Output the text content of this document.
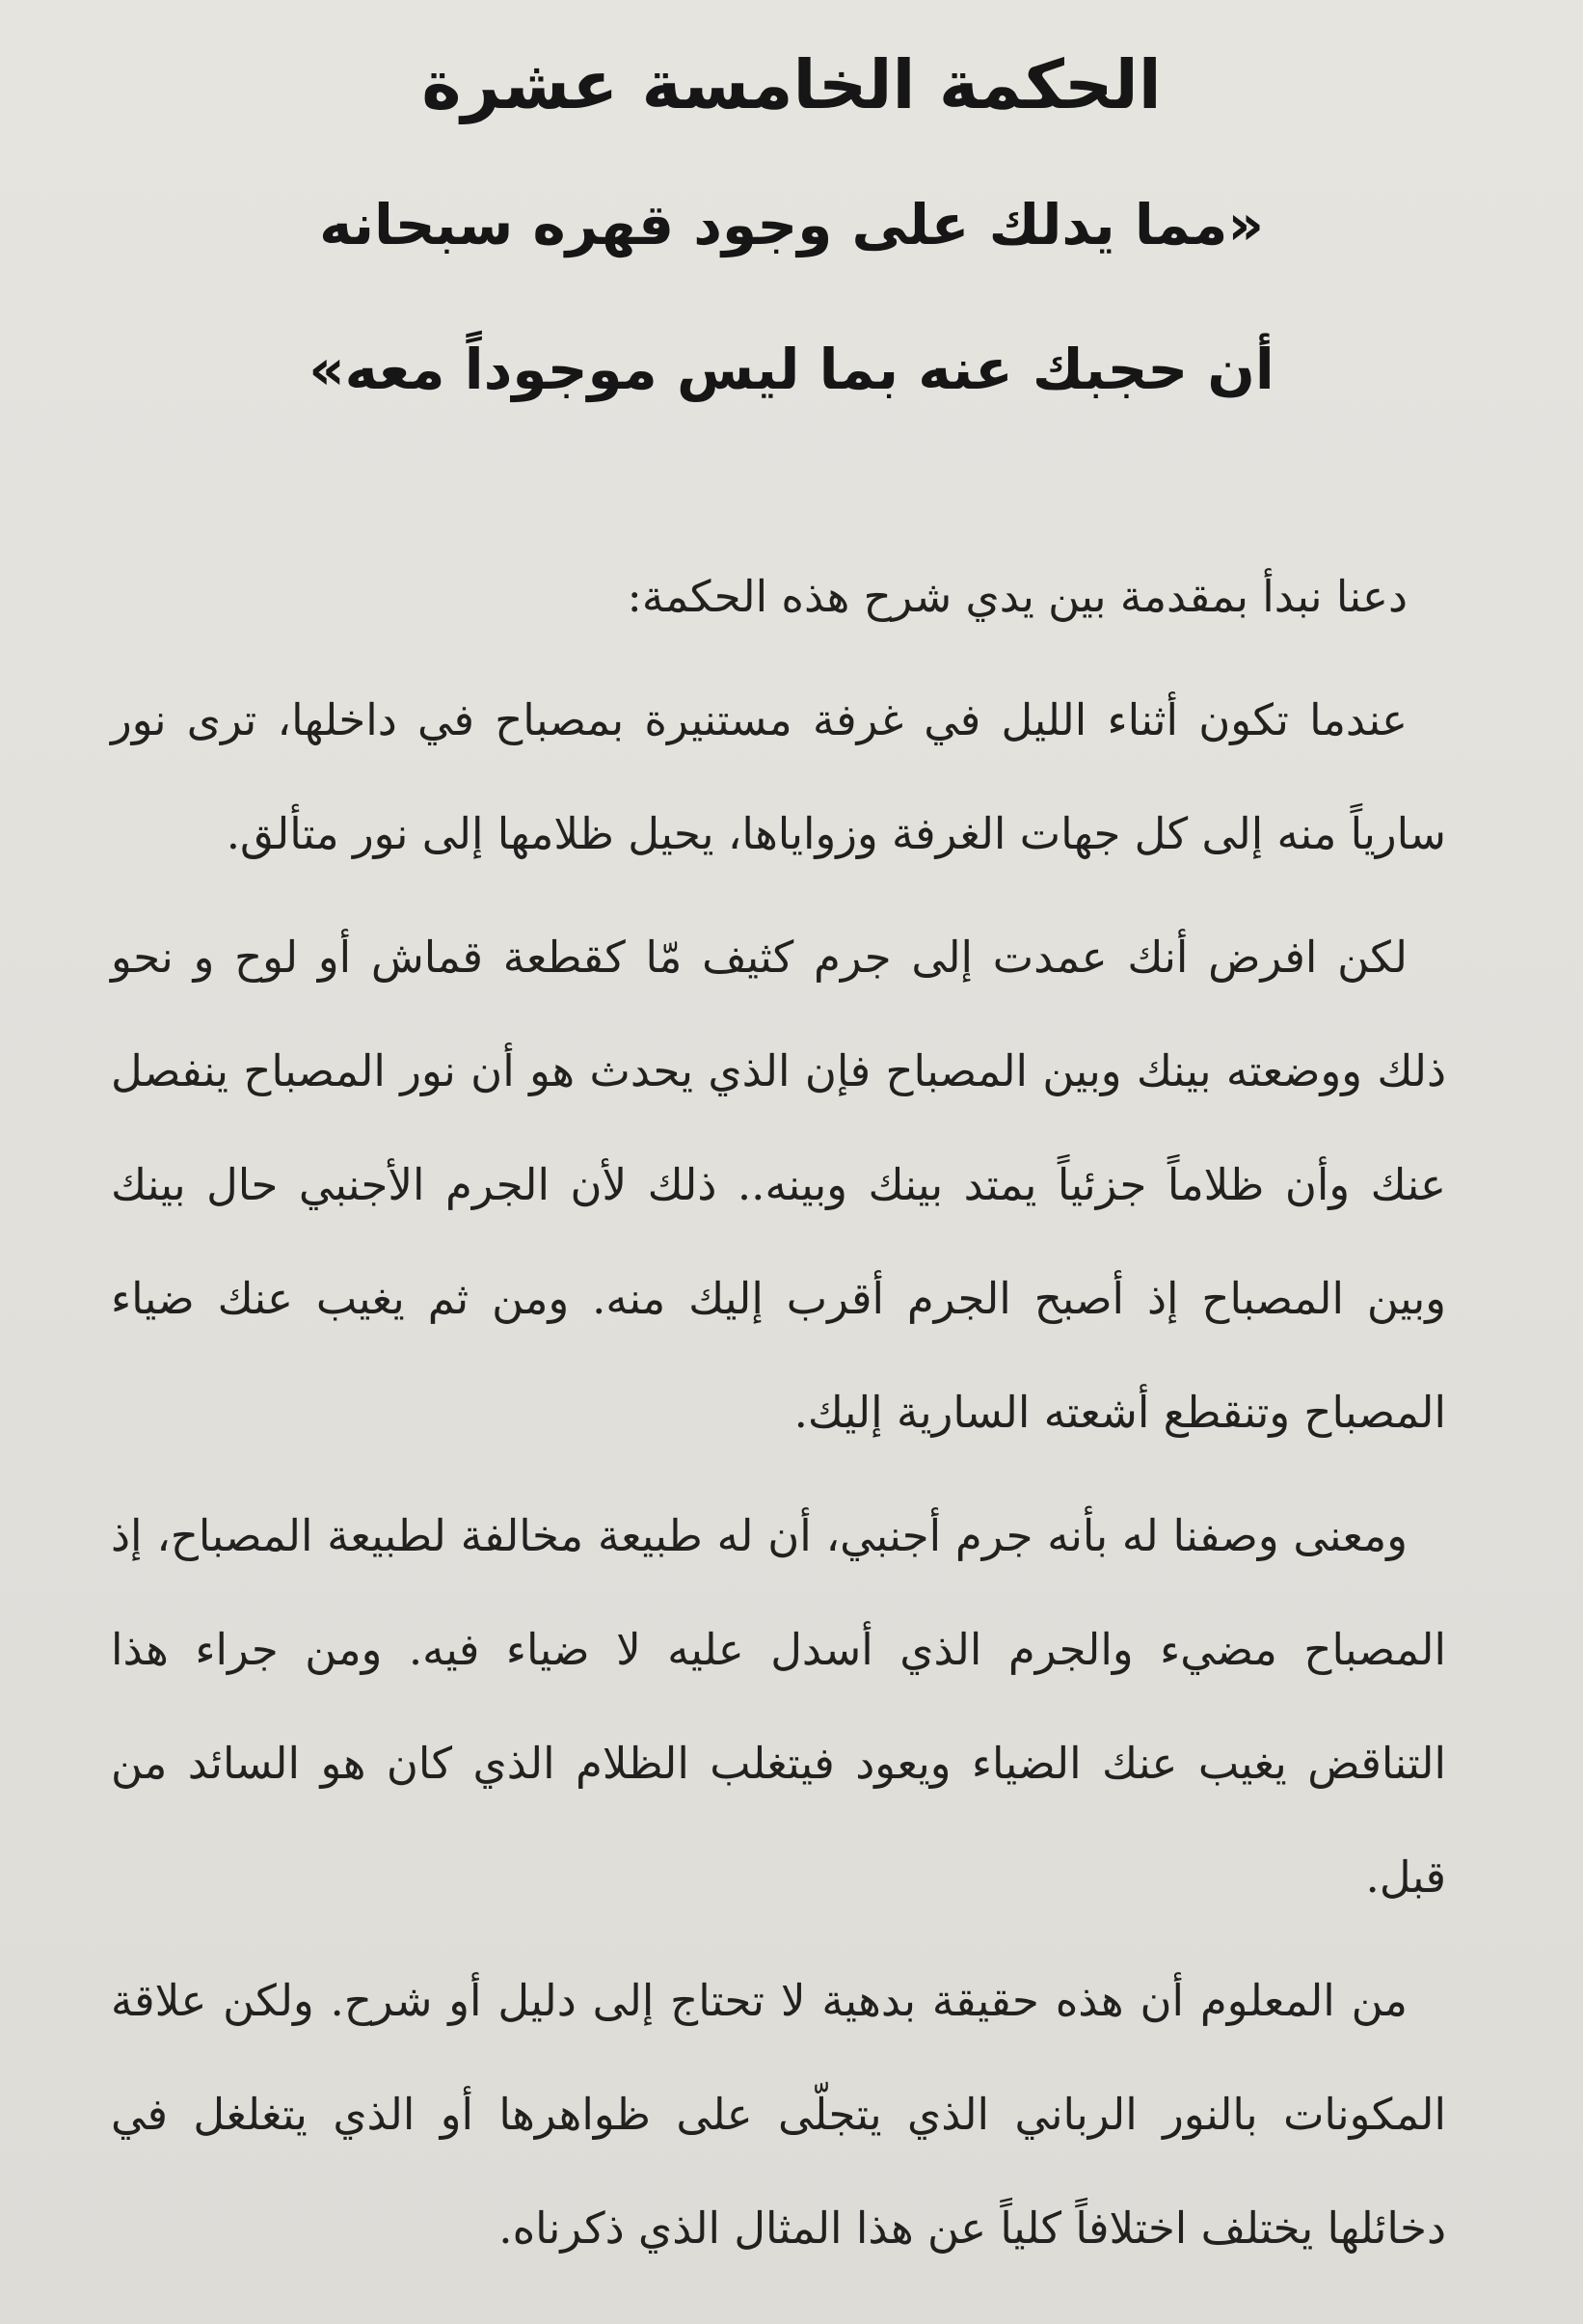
الحكمة الخامسة عشرة
«مما يدلك على وجود قهره سبحانه
أن حجبك عنه بما ليس موجوداً معه»

دعنا نبدأ بمقدمة بين يدي شرح هذه الحكمة:

عندما تكون أثناء الليل في غرفة مستنيرة بمصباح في داخلها، ترى نور سارياً منه إلى كل جهات الغرفة وزواياها، يحيل ظلامها إلى نور متألق.

لكن افرض أنك عمدت إلى جرم كثيف مّا كقطعة قماش أو لوح و نحو ذلك ووضعته بينك وبين المصباح فإن الذي يحدث هو أن نور المصباح ينفصل عنك وأن ظلاماً جزئياً يمتد بينك وبينه.. ذلك لأن الجرم الأجنبي حال بينك وبين المصباح إذ أصبح الجرم أقرب إليك منه. ومن ثم يغيب عنك ضياء المصباح وتنقطع أشعته السارية إليك.

ومعنى وصفنا له بأنه جرم أجنبي، أن له طبيعة مخالفة لطبيعة المصباح، إذ المصباح مضيء والجرم الذي أسدل عليه لا ضياء فيه. ومن جراء هذا التناقض يغيب عنك الضياء ويعود فيتغلب الظلام الذي كان هو السائد من قبل.

من المعلوم أن هذه حقيقة بدهية لا تحتاج إلى دليل أو شرح. ولكن علاقة المكونات بالنور الرباني الذي يتجلّى على ظواهرها أو الذي يتغلغل في دخائلها يختلف اختلافاً كلياً عن هذا المثال الذي ذكرناه.
